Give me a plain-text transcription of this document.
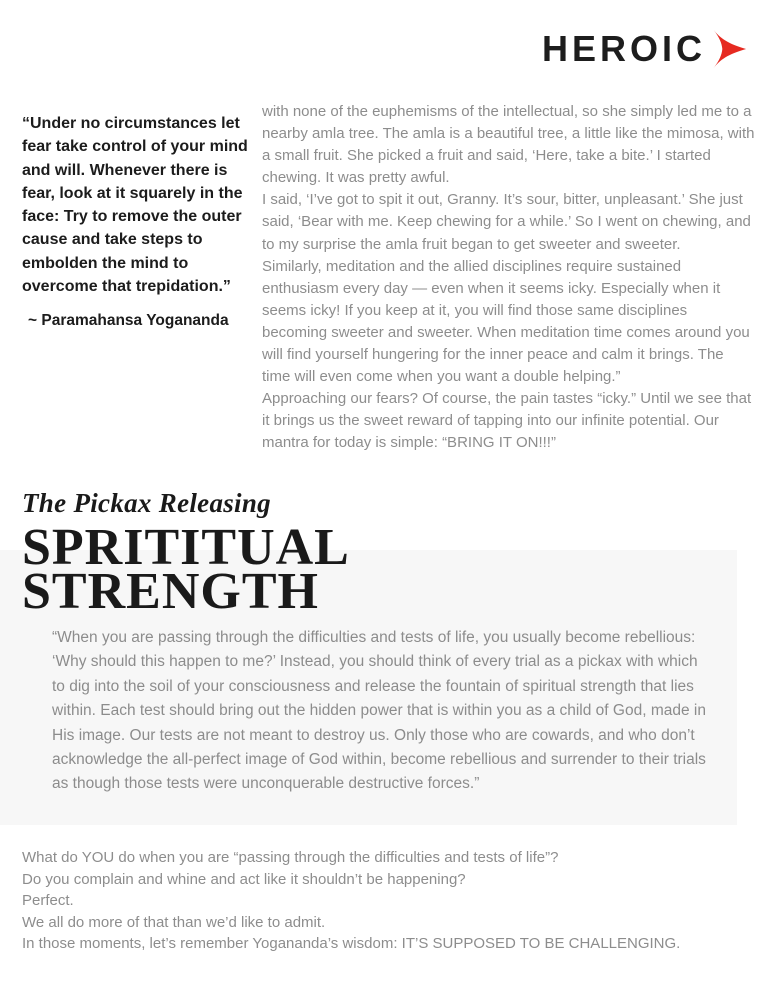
HEROIC
“Under no circumstances let fear take control of your mind and will. Whenever there is fear, look at it squarely in the face: Try to remove the outer cause and take steps to embolden the mind to overcome that trepidation.”
~ Paramahansa Yogananda

with none of the euphemisms of the intellectual, so she simply led me to a nearby amla tree. The amla is a beautiful tree, a little like the mimosa, with a small fruit. She picked a fruit and said, ‘Here, take a bite.’ I started chewing. It was pretty awful.

I said, ‘I’ve got to spit it out, Granny. It’s sour, bitter, unpleasant.’ She just said, ‘Bear with me. Keep chewing for a while.’ So I went on chewing, and to my surprise the amla fruit began to get sweeter and sweeter.

Similarly, meditation and the allied disciplines require sustained enthusiasm every day — even when it seems icky. Especially when it seems icky! If you keep at it, you will find those same disciplines becoming sweeter and sweeter. When meditation time comes around you will find yourself hungering for the inner peace and calm it brings. The time will even come when you want a double helping.”

Approaching our fears? Of course, the pain tastes “icky.” Until we see that it brings us the sweet reward of tapping into our infinite potential. Our mantra for today is simple: “BRING IT ON!!!”

The Pickax Releasing
SPRITITUAL
STRENGTH
“When you are passing through the difficulties and tests of life, you usually become rebellious: ‘Why should this happen to me?’ Instead, you should think of every trial as a pickax with which to dig into the soil of your consciousness and release the fountain of spiritual strength that lies within. Each test should bring out the hidden power that is within you as a child of God, made in His image. Our tests are not meant to destroy us. Only those who are cowards, and who don’t acknowledge the all-perfect image of God within, become rebellious and surrender to their trials as though those tests were unconquerable destructive forces.”

What do YOU do when you are “passing through the difficulties and tests of life”?

Do you complain and whine and act like it shouldn’t be happening?

Perfect.

We all do more of that than we’d like to admit.

In those moments, let’s remember Yogananda’s wisdom: IT’S SUPPOSED TO BE CHALLENGING.
